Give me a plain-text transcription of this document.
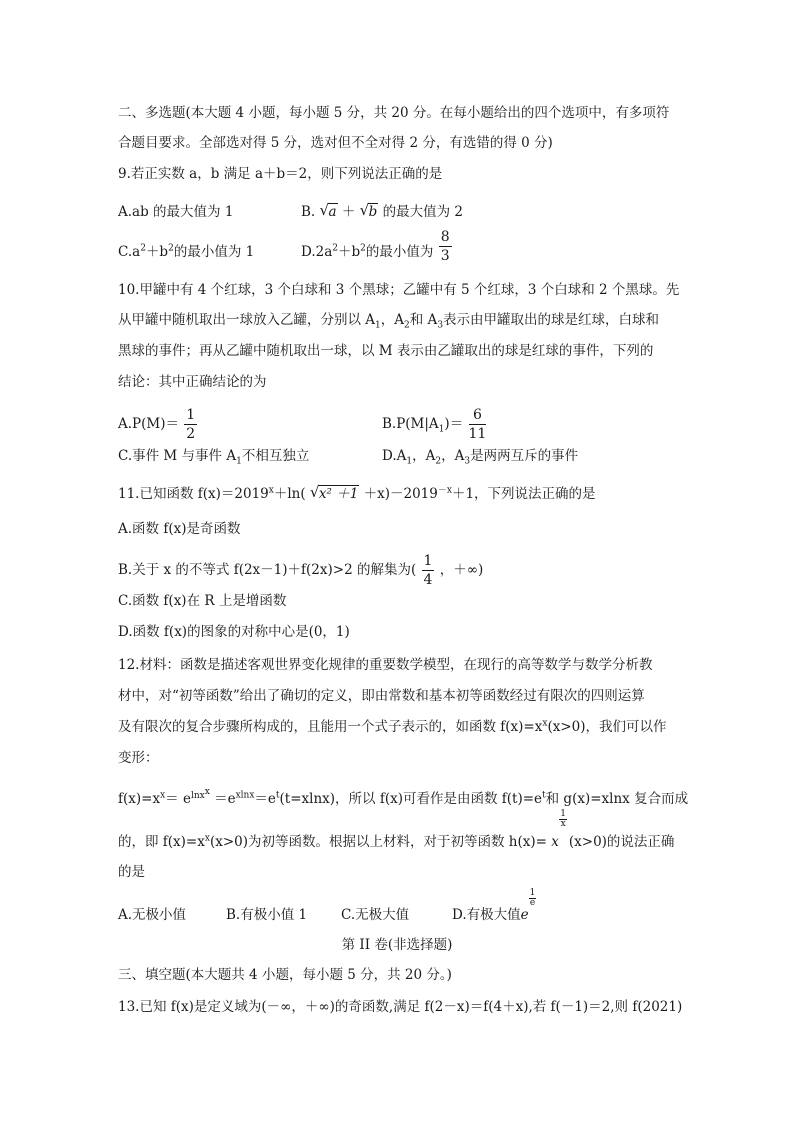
二、多选题(本大题 4 小题，每小题 5 分，共 20 分。在每小题给出的四个选项中，有多项符
合题目要求。全部选对得 5 分，选对但不全对得 2 分，有选错的得 0 分)
9.若正实数 a，b 满足 a＋b＝2，则下列说法正确的是
A.ab 的最大值为 1	B. √ a ＋ √ b 的最大值为 2
$C.a^2+b^2$的最小值为 1	$D.2a^2+b^2$的最小值为 $\frac{8}{3}$
10.甲罐中有 4 个红球，3 个白球和 3 个黑球；乙罐中有 5 个红球，3 个白球和 2 个黑球。先
从甲罐中随机取出一球放入乙罐，分别以 $A_1$，$A_2$和 $A_3$表示由甲罐取出的球是红球，白球和
黑球的事件；再从乙罐中随机取出一球，以 M 表示由乙罐取出的球是红球的事件，下列的
结论：其中正确结论的为
$A.P(M)= \frac{1}{2}$	$B.P(M|A_1)= \frac{6}{11}$
C.事件 M 与事件 $A_1$不相互独立	$D.A_1$，$A_2$，$A_3$是两两互斥的事件
11.已知函数 $f(x)=2019^x+\ln$( √ $x^2 +1 +x)-2019^{-x}+1$，下列说法正确的是
A.函数 f(x)是奇函数
B.关于 x 的不等式 f(2x－1)＋f(2x)>2 的解集为( $\frac{1}{4}$ ，＋∞)
C.函数 f(x)在 R 上是增函数
D.函数 f(x)的图象的对称中心是(0，1)
12.材料：函数是描述客观世界变化规律的重要数学模型，在现行的高等数学与数学分析教
材中，对“初等函数”给出了确切的定义，即由常数和基本初等函数经过有限次的四则运算
及有限次的复合步骤所构成的，且能用一个式子表示的，如函数 $f(x)=x^x(x>0)$，我们可以作
变形：
$f(x)=x^x= e^{lnx^x} =e^{xlnx}=e^t(t=xlnx)$，所以 f(x)可看作是由函数 $f(t)=e^t$和 g(x)=xlnx 复合而成
的，即 $f(x)=x^x(x>0)$为初等函数。根据以上材料，对于初等函数 h(x)= x
1
x
(x>0)的说法正确
的是
A.无极小值	B.有极小值 1	C.无极大值	D.有极大值e
1
e
第 II 卷(非选择题)
三、填空题(本大题共 4 小题，每小题 5 分，共 20 分。)
13.已知 f(x)是定义域为(－∞，＋∞)的奇函数,满足 f(2－x)＝f(4＋x),若 f(－1)＝2,则 f(2021)
